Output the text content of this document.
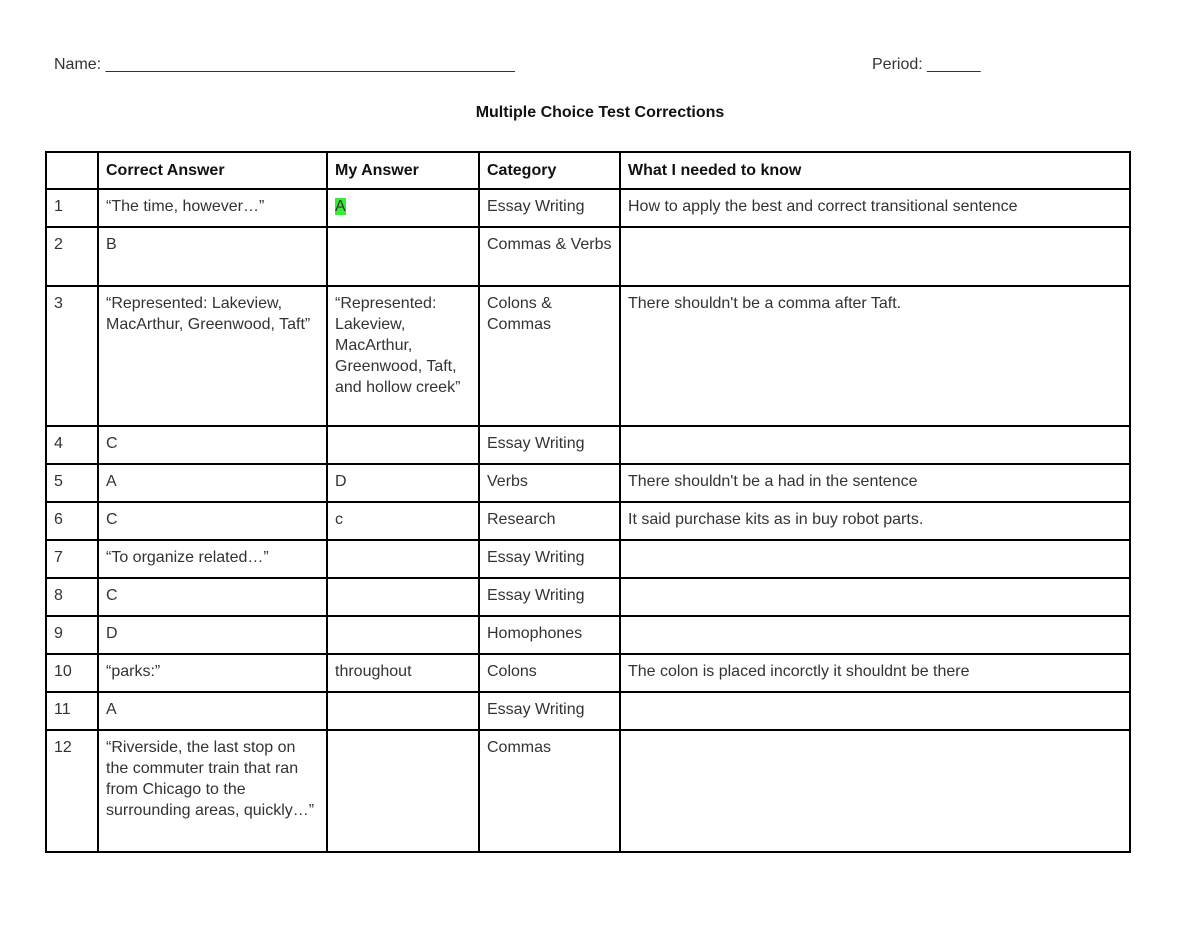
Name: ______________________________________________	Period: ______
Multiple Choice Test Corrections
	Correct Answer	My Answer	Category	What I needed to know
1	“The time, however…”	A	Essay Writing	How to apply the best and correct transitional sentence
2	B		Commas & Verbs	
3	“Represented: Lakeview, MacArthur, Greenwood, Taft”	“Represented: Lakeview, MacArthur, Greenwood, Taft, and hollow creek”	Colons & Commas	There shouldn't be a comma after Taft.
4	C		Essay Writing	
5	A	D	Verbs	There shouldn't be a had in the sentence
6	C	c	Research	It said purchase kits as in buy robot parts.
7	“To organize related…”		Essay Writing	
8	C		Essay Writing	
9	D		Homophones	
10	“parks:”	throughout	Colons	The colon is placed incorctly it shouldnt be there
11	A		Essay Writing	
12	“Riverside, the last stop on the commuter train that ran from Chicago to the surrounding areas, quickly…”		Commas	
